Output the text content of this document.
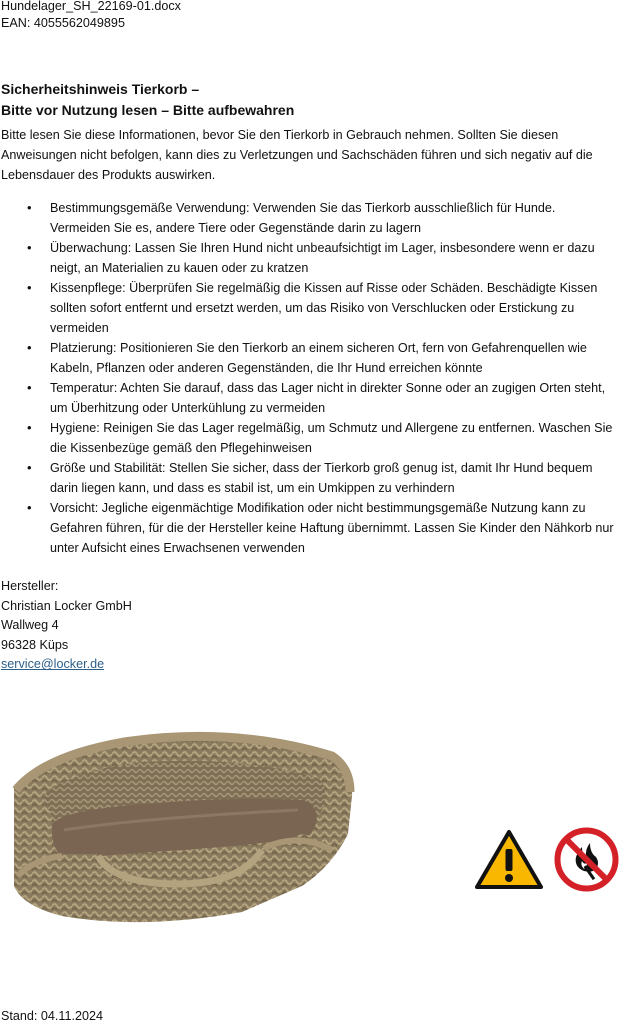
Hundelager_SH_22169-01.docx
EAN: 4055562049895
Sicherheitshinweis Tierkorb –
Bitte vor Nutzung lesen – Bitte aufbewahren
Bitte lesen Sie diese Informationen, bevor Sie den Tierkorb in Gebrauch nehmen. Sollten Sie diesen Anweisungen nicht befolgen, kann dies zu Verletzungen und Sachschäden führen und sich negativ auf die Lebensdauer des Produkts auswirken.
• Bestimmungsgemäße Verwendung: Verwenden Sie das Tierkorb ausschließlich für Hunde. Vermeiden Sie es, andere Tiere oder Gegenstände darin zu lagern
• Überwachung: Lassen Sie Ihren Hund nicht unbeaufsichtigt im Lager, insbesondere wenn er dazu neigt, an Materialien zu kauen oder zu kratzen
• Kissenpflege: Überprüfen Sie regelmäßig die Kissen auf Risse oder Schäden. Beschädigte Kissen sollten sofort entfernt und ersetzt werden, um das Risiko von Verschlucken oder Erstickung zu vermeiden
• Platzierung: Positionieren Sie den Tierkorb an einem sicheren Ort, fern von Gefahrenquellen wie Kabeln, Pflanzen oder anderen Gegenständen, die Ihr Hund erreichen könnte
• Temperatur: Achten Sie darauf, dass das Lager nicht in direkter Sonne oder an zugigen Orten steht, um Überhitzung oder Unterkühlung zu vermeiden
• Hygiene: Reinigen Sie das Lager regelmäßig, um Schmutz und Allergene zu entfernen. Waschen Sie die Kissenbezüge gemäß den Pflegehinweisen
• Größe und Stabilität: Stellen Sie sicher, dass der Tierkorb groß genug ist, damit Ihr Hund bequem darin liegen kann, und dass es stabil ist, um ein Umkippen zu verhindern
• Vorsicht: Jegliche eigenmächtige Modifikation oder nicht bestimmungsgemäße Nutzung kann zu Gefahren führen, für die der Hersteller keine Haftung übernimmt. Lassen Sie Kinder den Nähkorb nur unter Aufsicht eines Erwachsenen verwenden
Hersteller:
Christian Locker GmbH
Wallweg 4
96328 Küps
service@locker.de
Stand: 04.11.2024
